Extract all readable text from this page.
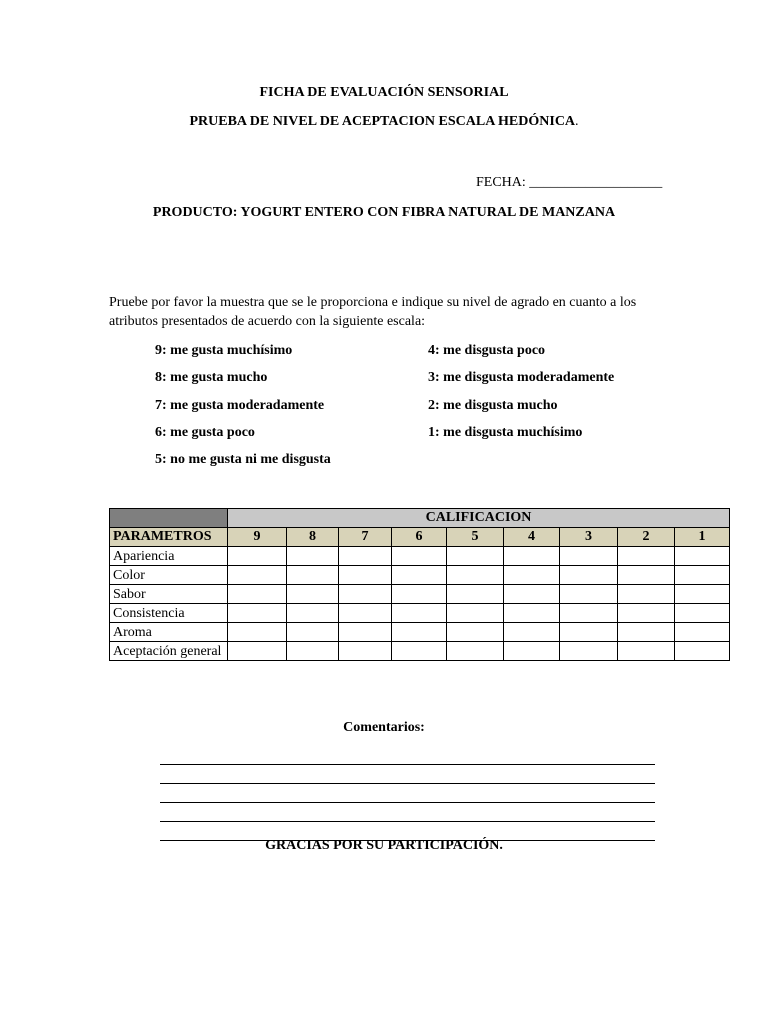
FICHA DE EVALUACIÓN SENSORIAL
PRUEBA DE NIVEL DE ACEPTACION ESCALA HEDÓNICA.
FECHA: ___________________
PRODUCTO: YOGURT ENTERO CON FIBRA NATURAL DE MANZANA
Pruebe por favor la muestra que se le proporciona e indique su nivel de agrado en cuanto a los atributos presentados de acuerdo con la siguiente escala:
9: me gusta muchísimo
8: me gusta mucho
7: me gusta moderadamente
6: me gusta poco
5: no me gusta ni me disgusta
4: me disgusta poco
3: me disgusta moderadamente
2: me disgusta mucho
1: me disgusta muchísimo
	CALIFICACION								
PARAMETROS	9	8	7	6	5	4	3	2	1
Apariencia									
Color									
Sabor									
Consistencia									
Aroma									
Aceptación general									
Comentarios:
GRACIAS POR SU PARTICIPACIÓN.
